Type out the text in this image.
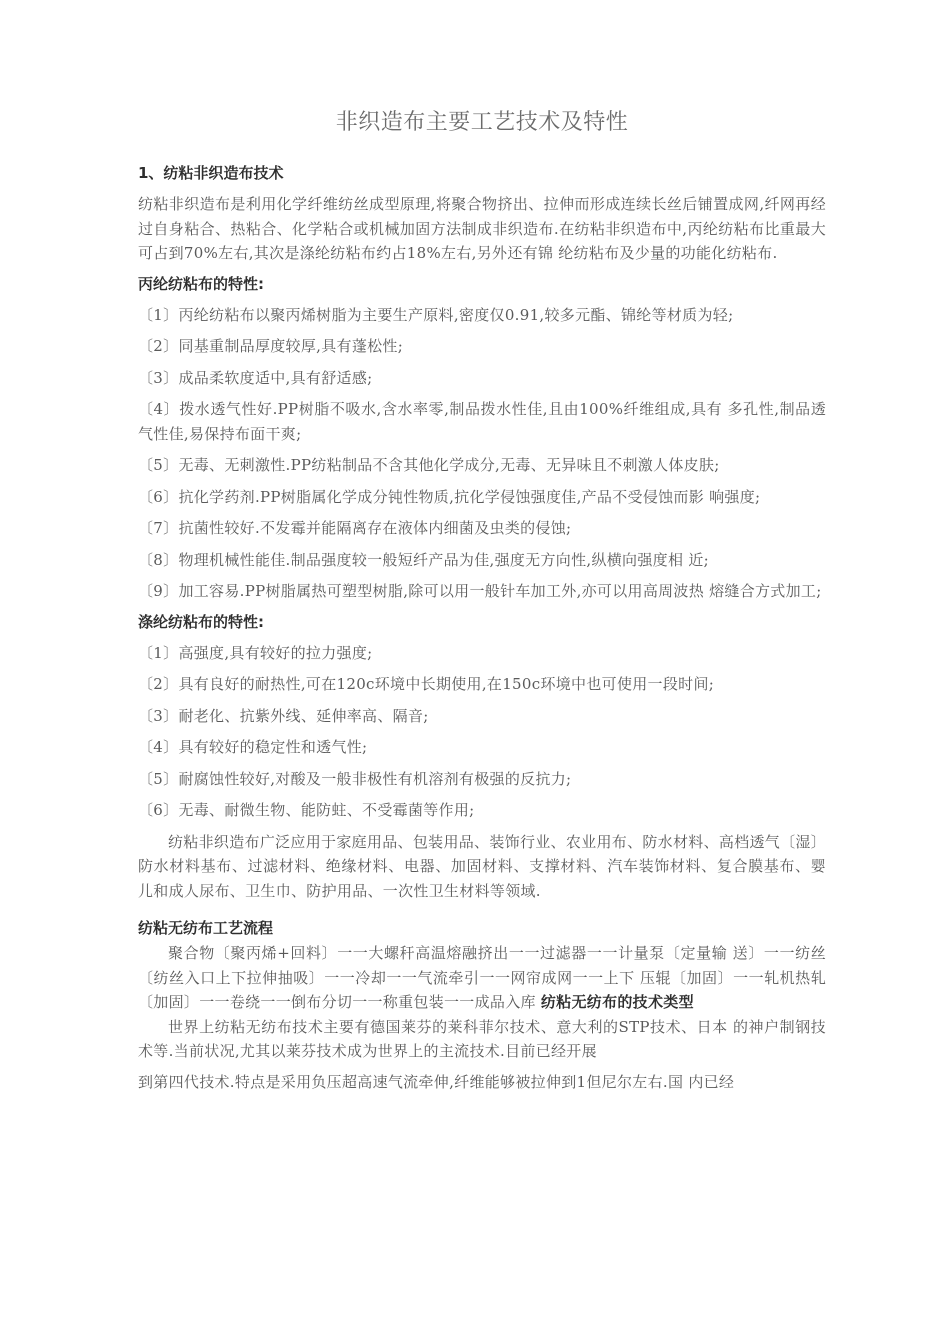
非织造布主要工艺技术及特性
1、纺粘非织造布技术

纺粘非织造布是利用化学纤维纺丝成型原理,将聚合物挤出、拉伸而形成连续长丝后铺置成网,纤网再经过自身粘合、热粘合、化学粘合或机械加固方法制成非织造布.在纺粘非织造布中,丙纶纺粘布比重最大可占到70%左右,其次是涤纶纺粘布约占18%左右,另外还有锦 纶纺粘布及少量的功能化纺粘布.

丙纶纺粘布的特性:

〔1〕丙纶纺粘布以聚丙烯树脂为主要生产原料,密度仅0.91,较多元酯、锦纶等材质为轻;

〔2〕同基重制品厚度较厚,具有蓬松性;

〔3〕成品柔软度适中,具有舒适感;

〔4〕拨水透气性好.PP树脂不吸水,含水率零,制品拨水性佳,且由100%纤维组成,具有 多孔性,制品透气性佳,易保持布面干爽;

〔5〕无毒、无刺激性.PP纺粘制品不含其他化学成分,无毒、无异味且不刺激人体皮肤;

〔6〕抗化学药剂.PP树脂属化学成分钝性物质,抗化学侵蚀强度佳,产品不受侵蚀而影 响强度;

〔7〕抗菌性较好.不发霉并能隔离存在液体内细菌及虫类的侵蚀;

〔8〕物理机械性能佳.制品强度较一般短纤产品为佳,强度无方向性,纵横向强度相 近;

〔9〕加工容易.PP树脂属热可塑型树脂,除可以用一般针车加工外,亦可以用高周波热 熔缝合方式加工;

涤纶纺粘布的特性:

〔1〕高强度,具有较好的拉力强度;

〔2〕具有良好的耐热性,可在120c环境中长期使用,在150c环境中也可使用一段时间;

〔3〕耐老化、抗紫外线、延伸率高、隔音;

〔4〕具有较好的稳定性和透气性;

〔5〕耐腐蚀性较好,对酸及一般非极性有机溶剂有极强的反抗力;

〔6〕无毒、耐微生物、能防蛀、不受霉菌等作用;

纺粘非织造布广泛应用于家庭用品、包装用品、装饰行业、农业用布、防水材料、高档透气〔湿〕防水材料基布、过滤材料、绝缘材料、电器、加固材料、支撑材料、汽车装饰材料、复合膜基布、婴儿和成人尿布、卫生巾、防护用品、一次性卫生材料等领域.

纺粘无纺布工艺流程

聚合物〔聚丙烯+回料〕一一大螺秆高温熔融挤出一一过滤器一一计量泵〔定量输 送〕一一纺丝〔纺丝入口上下拉伸抽吸〕一一冷却一一气流牵引一一网帘成网一一上下 压辊〔加固〕一一轧机热轧〔加固〕一一卷绕一一倒布分切一一称重包装一一成品入库 纺粘无纺布的技术类型

世界上纺粘无纺布技术主要有德国莱芬的莱科菲尔技术、意大利的STP技术、日本 的神户制钢技术等.当前状况,尤其以莱芬技术成为世界上的主流技术.目前已经开展

到第四代技术.特点是采用负压超高速气流牵伸,纤维能够被拉伸到1但尼尔左右.国 内已经
